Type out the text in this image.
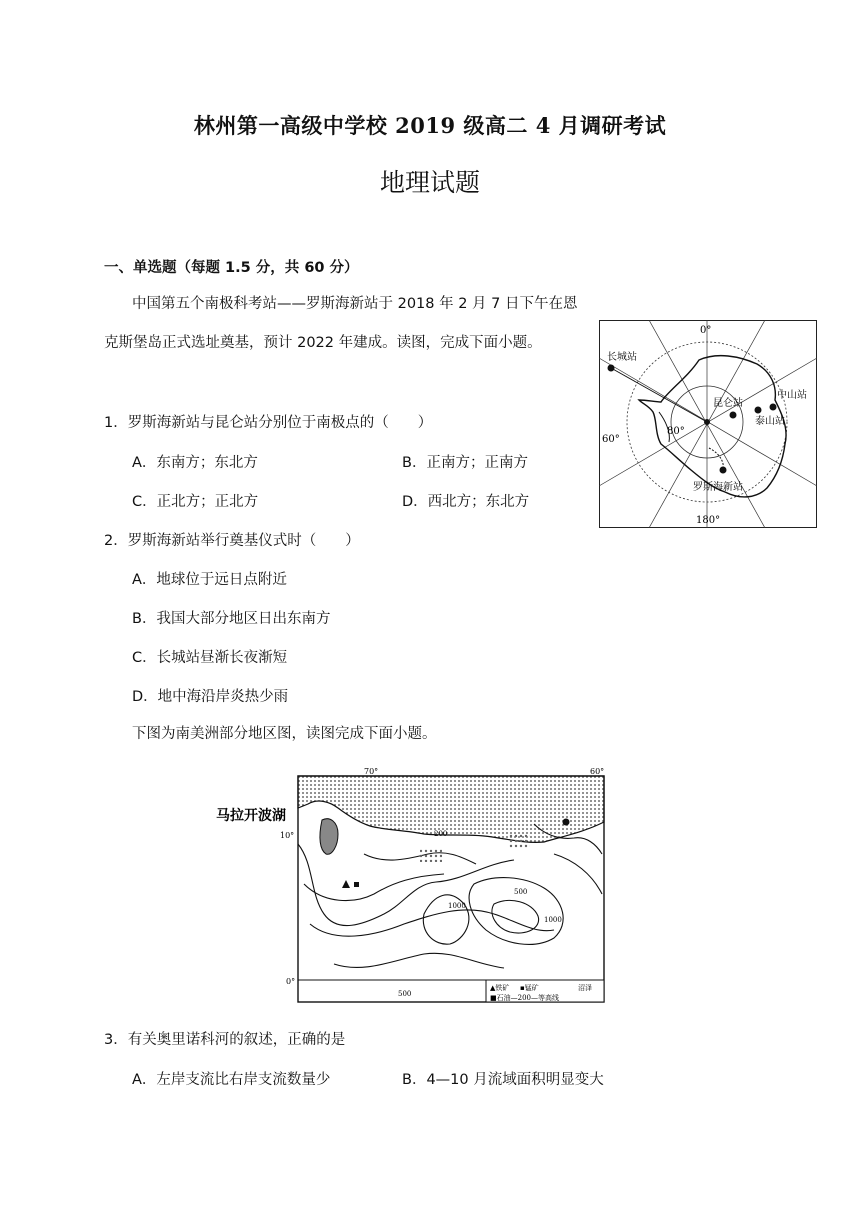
林州第一高级中学校 2019 级高二 4 月调研考试
地理试题
一、单选题（每题 1.5 分，共 60 分）
中国第五个南极科考站——罗斯海新站于 2018 年 2 月 7 日下午在恩
克斯堡岛正式选址奠基，预计 2022 年建成。读图，完成下面小题。
1．罗斯海新站与昆仑站分别位于南极点的（　　）
A．东南方；东北方	B．正南方；正南方
C．正北方；正北方	D．西北方；东北方
2．罗斯海新站举行奠基仪式时（　　）
A．地球位于远日点附近
B．我国大部分地区日出东南方
C．长城站昼渐长夜渐短
D．地中海沿岸炎热少雨
下图为南美洲部分地区图，读图完成下面小题。
3．有关奥里诺科河的叙述，正确的是
A．左岸支流比右岸支流数量少	B．4—10 月流域面积明显变大
0°
60°
180°
80°
长城站
中山站
昆仑站
泰山站
罗斯海新站
▲铁矿 ▪锰矿	沼泽
■石油—200—等高线
200
500
1000
1000
500
70°	60°
10°
0°
马拉开波湖
